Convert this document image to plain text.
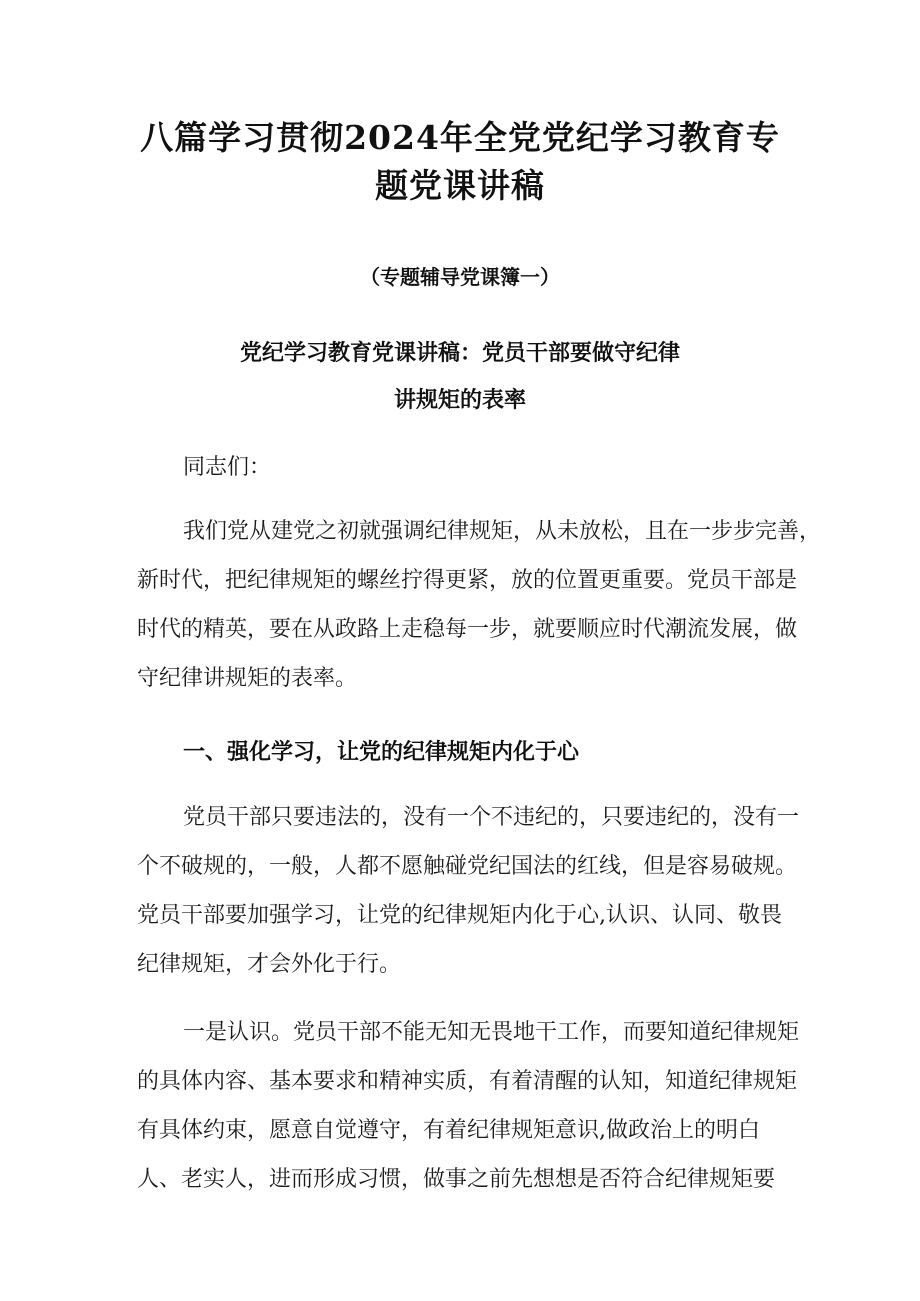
八篇学习贯彻2024年全党党纪学习教育专
题党课讲稿
（专题辅导党课簿一）
党纪学习教育党课讲稿：党员干部要做守纪律
讲规矩的表率

同志们：

我们党从建党之初就强调纪律规矩，从未放松，且在一步步完善，

新时代，把纪律规矩的螺丝拧得更紧，放的位置更重要。党员干部是

时代的精英，要在从政路上走稳每一步，就要顺应时代潮流发展，做

守纪律讲规矩的表率。

一、强化学习，让党的纪律规矩内化于心

党员干部只要违法的，没有一个不违纪的，只要违纪的，没有一

个不破规的，一般，人都不愿触碰党纪国法的红线，但是容易破规。

党员干部要加强学习，让党的纪律规矩内化于心,认识、认同、敬畏

纪律规矩，才会外化于行。

一是认识。党员干部不能无知无畏地干工作，而要知道纪律规矩

的具体内容、基本要求和精神实质，有着清醒的认知，知道纪律规矩

有具体约束，愿意自觉遵守，有着纪律规矩意识,做政治上的明白

人、老实人，进而形成习惯，做事之前先想想是否符合纪律规矩要
